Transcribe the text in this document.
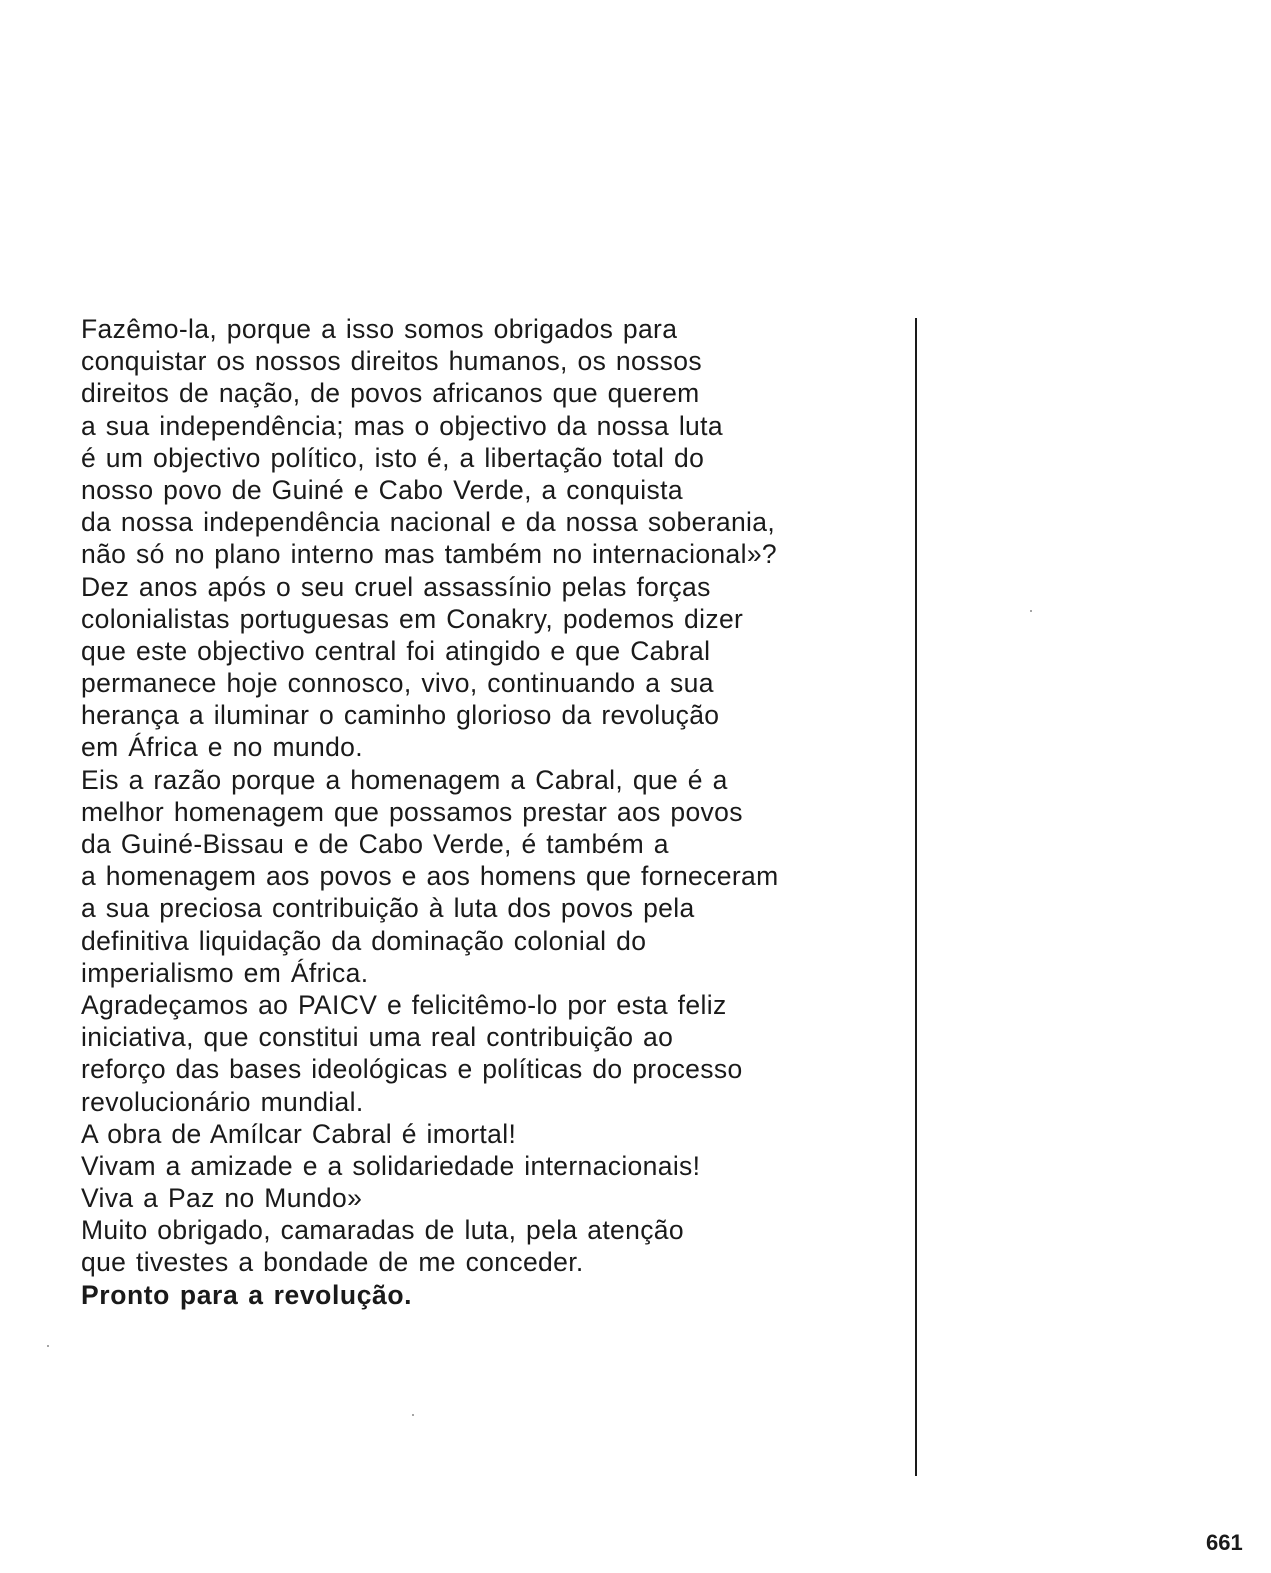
Fazêmo-la, porque a isso somos obrigados para
conquistar os nossos direitos humanos, os nossos
direitos de nação, de povos africanos que querem
a sua independência; mas o objectivo da nossa luta
é um objectivo político, isto é, a libertação total do
nosso povo de Guiné e Cabo Verde, a conquista
da nossa independência nacional e da nossa soberania,
não só no plano interno mas também no internacional»?
Dez anos após o seu cruel assassínio pelas forças
colonialistas portuguesas em Conakry, podemos dizer
que este objectivo central foi atingido e que Cabral
permanece hoje connosco, vivo, continuando a sua
herança a iluminar o caminho glorioso da revolução
em África e no mundo.
Eis a razão porque a homenagem a Cabral, que é a
melhor homenagem que possamos prestar aos povos
da Guiné-Bissau e de Cabo Verde, é também a
a homenagem aos povos e aos homens que forneceram
a sua preciosa contribuição à luta dos povos pela
definitiva liquidação da dominação colonial do
imperialismo em África.
Agradeçamos ao PAICV e felicitêmo-lo por esta feliz
iniciativa, que constitui uma real contribuição ao
reforço das bases ideológicas e políticas do processo
revolucionário mundial.
A obra de Amílcar Cabral é imortal!
Vivam a amizade e a solidariedade internacionais!
Viva a Paz no Mundo»
Muito obrigado, camaradas de luta, pela atenção
que tivestes a bondade de me conceder.
Pronto para a revolução.
661
